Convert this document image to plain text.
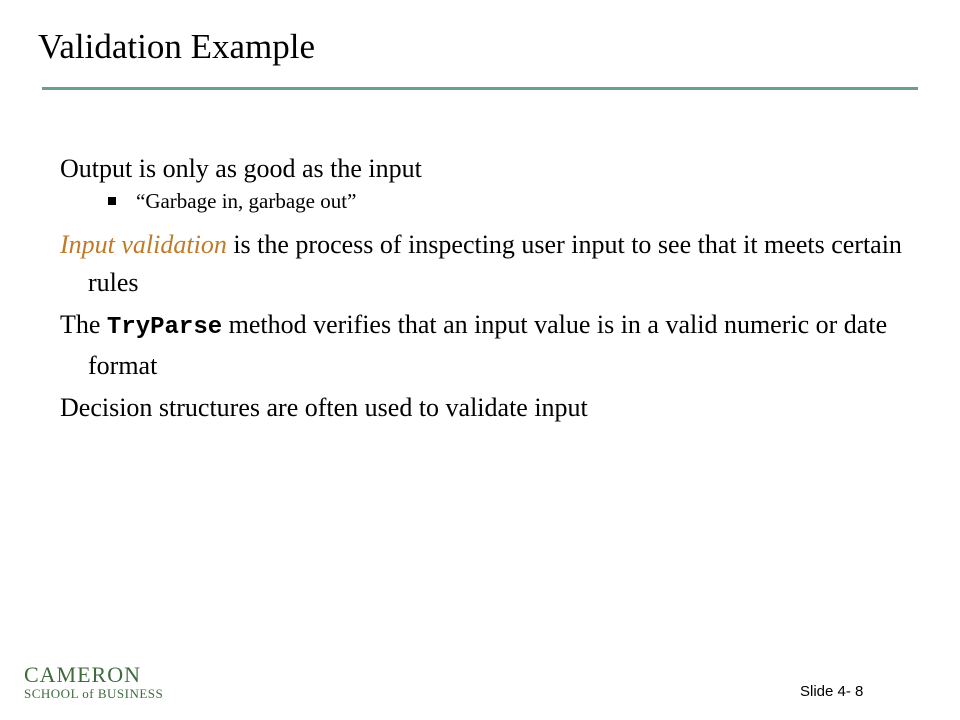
Validation Example

Output is only as good as the input

“Garbage in, garbage out”

Input validation is the process of inspecting user input to see that it meets certain rules

The TryParse method verifies that an input value is in a valid numeric or date format

Decision structures are often used to validate input

CAMERON
SCHOOL of BUSINESS	Slide 4- 8
